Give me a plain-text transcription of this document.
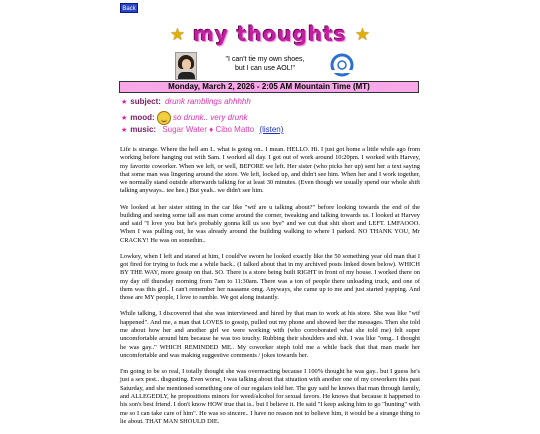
Back
★ my thoughts ★
"I can't tie my own shoes,
but I can use AOL!"
Monday, March 2, 2026 - 2:05 AM Mountain Time (MT)
★ subject: drunk ramblings ahhhhh
★ mood: so drunk.. very drunk
★ music: Sugar Water ♦ Cibo Matto (listen)

Life is strange. Where the hell am I.. what is going on.. I mean. HELLO. Hi. I just got home a little while ago from working before hanging out with Sam. I worked all day. I got out of work around 10:20pm. I worked with Harvey, my favorite coworker. When we left, or well, BEFORE we left. Her sister (who picks her up) sent her a text saying that some man was lingering around the store. We left, locked up, and didn't see him. When her and I work together, we normally stand outside afterwards talking for at least 30 minutes. (Even though we usually spend our whole shift talking anyways.. tee hee.) But yeah.. we didn't see him.

We looked at her sister sitting in the car like "wtf are u talking about?" before looking towards the end of the building and seeing some tall ass man come around the corner, tweaking and talking towards us. I looked at Harvey and said "I love you but he's probably gonna kill us soo bye" and we cut that shit short and LEFT. LMFAOOO. When I was pulling out, he was already around the building walking to where I parked. NO THANK YOU, Mr CRACKY! He was on somethin..

Lowkey, when I left and stared at him, I could've sworn he looked exactly like the 50 something year old man that I got fired for trying to fuck me a while back.. (I talked about that in my archived posts linked down below). WHICH BY THE WAY, more gossip on that. SO. There is a store being built RIGHT in front of my house. I worked there on my day off thursday morning from 7am to 11:30am. There was a ton of people there unloading truck, and one of them was this girl.. I can't remember her naaaame omg. Anyways, she came up to me and just started yapping. And those are MY people, I love to ramble. We got along instantly.

While talking, I discovered that she was interviewed and hired by that man to work at his store. She was like "wtf happened". And me, a man that LOVES to gossip, pulled out my phone and showed her the messages. Then she told me about how her and another girl we were working with (who corroborated what she told me) felt super uncomfortable around him because he was too touchy. Rubbing their shoulders and shit. I was like "omg.. I thought he was gay.." WHICH REMINDED ME.. My coworker steph told me a while back that that man made her uncomfortable and was making suggestive comments / jokes towards her.

I'm going to be so real, I totally thought she was overreacting because I 100% thought he was gay.. but I guess he's just a sex pest.. disgusting. Even worse, I was talking about that situation with another one of my coworkers this past Saturday, and she mentioned something one of our regulars told her. The guy said he knows that man through family, and ALLEGEDLY, he propositions minors for weed/alcohol for sexual favors. He knows that because it happened to his son's best friend. I don't know HOW true that is.. but I believe it. He said "I keep asking him to go "hunting" with me so I can take care of him". He was so sincere.. I have no reason not to believe him, it would be a strange thing to lie about. THAT MAN SHOULD DIE.
